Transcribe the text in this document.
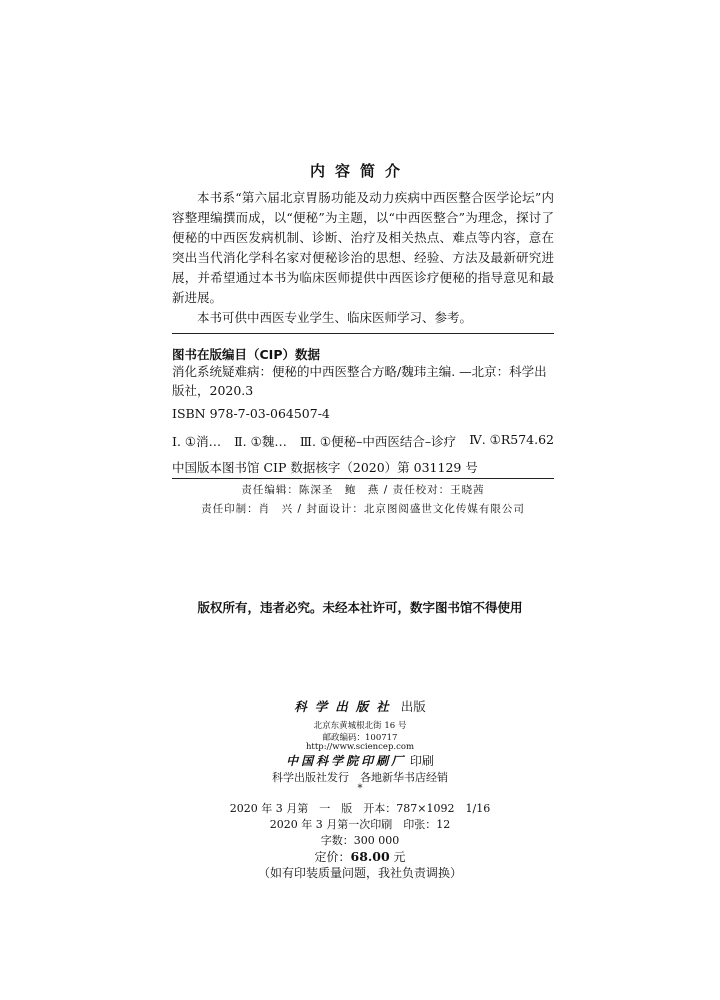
内容简介

本书系“第六届北京胃肠功能及动力疾病中西医整合医学论坛”内容整理编撰而成，以“便秘”为主题，以“中西医整合”为理念，探讨了便秘的中西医发病机制、诊断、治疗及相关热点、难点等内容，意在突出当代消化学科名家对便秘诊治的思想、经验、方法及最新研究进展，并希望通过本书为临床医师提供中西医诊疗便秘的指导意见和最新进展。

本书可供中西医专业学生、临床医师学习、参考。

图书在版编目（CIP）数据
消化系统疑难病：便秘的中西医整合方略/魏玮主编. —北京：科学出版社，2020.3
ISBN 978-7-03-064507-4
Ⅰ. ①消… Ⅱ. ①魏… Ⅲ. ①便秘–中西医结合–诊疗 Ⅳ. ①R574.62
中国版本图书馆 CIP 数据核字（2020）第 031129 号
责任编辑：陈深圣　鲍　燕 / 责任校对：王晓茜
责任印制：肖　兴 / 封面设计：北京图阅盛世文化传媒有限公司
版权所有，违者必究。未经本社许可，数字图书馆不得使用
科学出版社 出版
北京东黄城根北街 16 号
邮政编码：100717
http://www.sciencep.com
中国科学院印刷厂 印刷
科学出版社发行　各地新华书店经销
*
2020 年 3 月第　一　版　开本：787×1092　1/16
2020 年 3 月第一次印刷　印张：12
字数：300 000
定价：68.00 元
（如有印装质量问题，我社负责调换）
